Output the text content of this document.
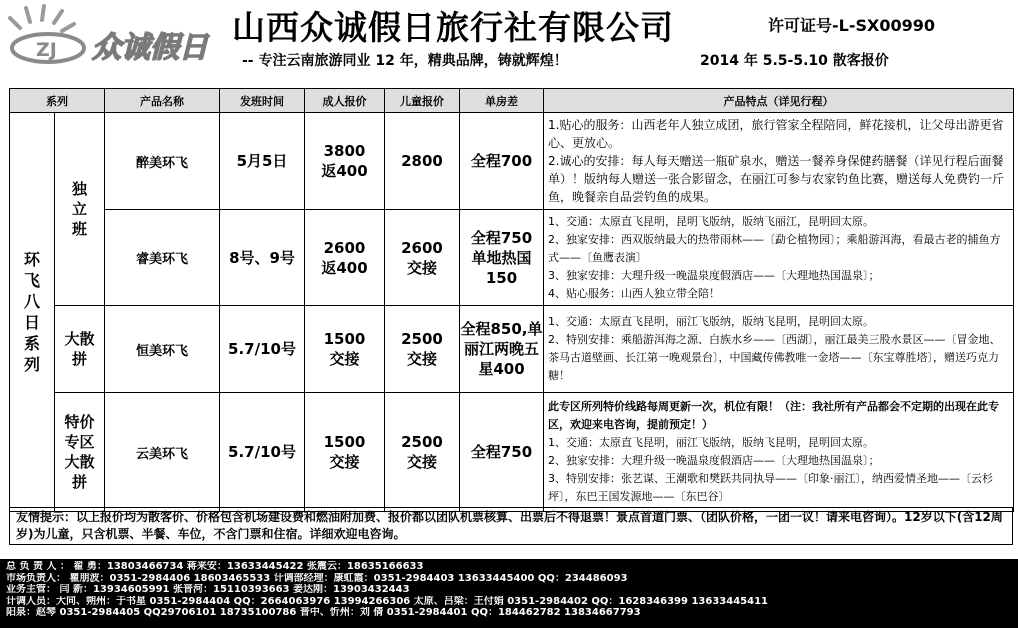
ZJ 众诚假日 山西众诚假日旅行社有限公司	许可证号-L-SX00990
-- 专注云南旅游同业 12 年，精典品牌，铸就辉煌！	2014 年 5.5-5.10 散客报价
系列		产品名称	发班时间	成人报价	儿童报价	单房差	产品特点（详见行程）

环飞八日系列	独立班	醉美环飞	5月5日	3800返400	2800	全程700	1.贴心的服务：山西老年人独立成团，旅行管家全程陪同，鲜花接机，让父母出游更省心、更放心。
2.诚心的安排：每人每天赠送一瓶矿泉水，赠送一餐养身保健药膳餐（详见行程后面餐单）！版纳每人赠送一张合影留念，在丽江可参与农家钓鱼比赛，赠送每人免费钓一斤鱼，晚餐亲自品尝钓鱼的成果。

		睿美环飞	8号、9号	2600返400	2600交接	全程750单地热国150	1、交通：太原直飞昆明，昆明飞版纳，版纳飞丽江，昆明回太原。
2、独家安排：西双版纳最大的热带雨林——〔勐仑植物园〕；乘船游洱海，看最古老的捕鱼方式——〔鱼鹰表演〕
3、独家安排：大理升级一晚温泉度假酒店——〔大理地热国温泉〕；
4、贴心服务：山西人独立带全陪！

	大散拼	恒美环飞	5.7/10号	1500交接	2500交接	全程850,单丽江两晚五星400	1、交通：太原直飞昆明，丽江飞版纳，版纳飞昆明，昆明回太原。
2、特别安排：乘船游洱海之源、白族水乡——〔西湖〕，丽江最美三股水景区——〔冒金地、茶马古道壁画、长江第一晚观景台〕，中国藏传佛教唯一金塔——〔东宝尊胜塔〕，赠送巧克力糖！

	特价专区大散拼	云美环飞	5.7/10号	1500交接	2500交接	全程750	此专区所列特价线路每周更新一次，机位有限！（注：我社所有产品都会不定期的出现在此专区，欢迎来电咨询，提前预定！）
1、交通：太原直飞昆明，丽江飞版纳，版纳飞昆明，昆明回太原。
2、独家安排：大理升级一晚温泉度假酒店——〔大理地热国温泉〕；
3、特别安排：张艺谋、王潮歌和樊跃共同执导——〔印象·丽江〕，纳西爱情圣地——〔云杉坪〕，东巴王国发源地——〔东巴谷〕
友情提示：以上报价均为散客价、价格包含机场建设费和燃油附加费、报价都以团队机票核算、出票后不得退票！景点首道门票、（团队价格，一团一议！请来电咨询）。12岁以下(含12周岁)为儿童，只含机票、半餐、车位，不含门票和住宿。详细欢迎电咨询。
总 负 责 人 ： 翟 勇：13803466734 蒋来安：13633445422 张震云：18635166633
市场负责人： 瞿朋波：0351-2984406 18603465533 计调部经理：康虹霞：0351-2984403 13633445400 QQ：234486093
业务主管： 闫 新：13934605991 张晋河：15110393663 姜达刚：13903432443
计调人员：大同、朔州：于书星 0351-2984404 QQ：2664063976 13994266306 太原、吕梁：王付娟 0351-2984402 QQ：1628346399 13633445411
阳泉：赵琴 0351-2984405 QQ29706101 18735100786 晋中、忻州：刘 倩 0351-2984401 QQ：184462782 13834667793
